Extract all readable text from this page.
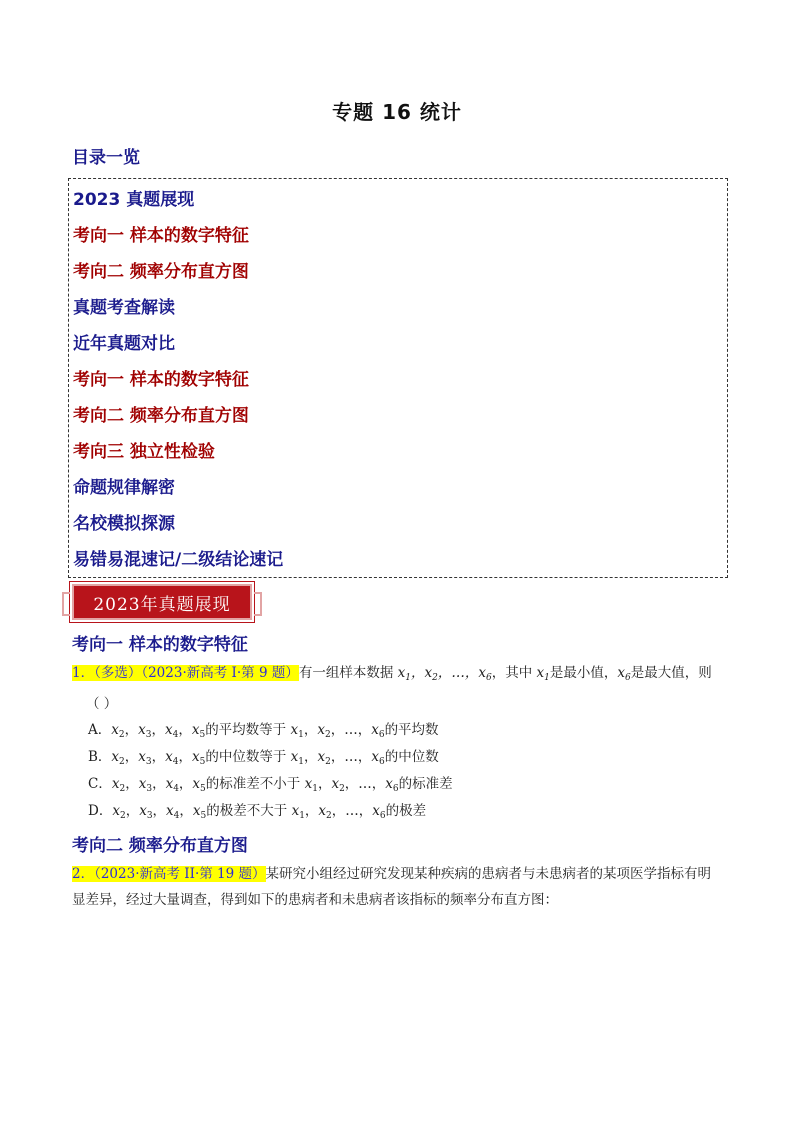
专题 16 统计
目录一览
2023 真题展现
考向一 样本的数字特征
考向二 频率分布直方图
真题考查解读
近年真题对比
考向一 样本的数字特征
考向二 频率分布直方图
考向三 独立性检验
命题规律解密
名校模拟探源
易错易混速记/二级结论速记
2023年真题展现
考向一 样本的数字特征
1．（多选）（2023·新高考 I·第 9 题）有一组样本数据 $x_1$，$x_2$，…，$x_6$，其中 $x_1$是最小值，$x_6$是最大值，则
（ ）
A．$x_2$，$x_3$，$x_4$，$x_5$的平均数等于 $x_1$，$x_2$，…，$x_6$的平均数
B．$x_2$，$x_3$，$x_4$，$x_5$的中位数等于 $x_1$，$x_2$，…，$x_6$的中位数
C．$x_2$，$x_3$，$x_4$，$x_5$的标准差不小于 $x_1$，$x_2$，…，$x_6$的标准差
D．$x_2$，$x_3$，$x_4$，$x_5$的极差不大于 $x_1$，$x_2$，…，$x_6$的极差
考向二 频率分布直方图
2．（2023·新高考 II·第 19 题）某研究小组经过研究发现某种疾病的患病者与未患病者的某项医学指标有明显差异，经过大量调查，得到如下的患病者和未患病者该指标的频率分布直方图：
